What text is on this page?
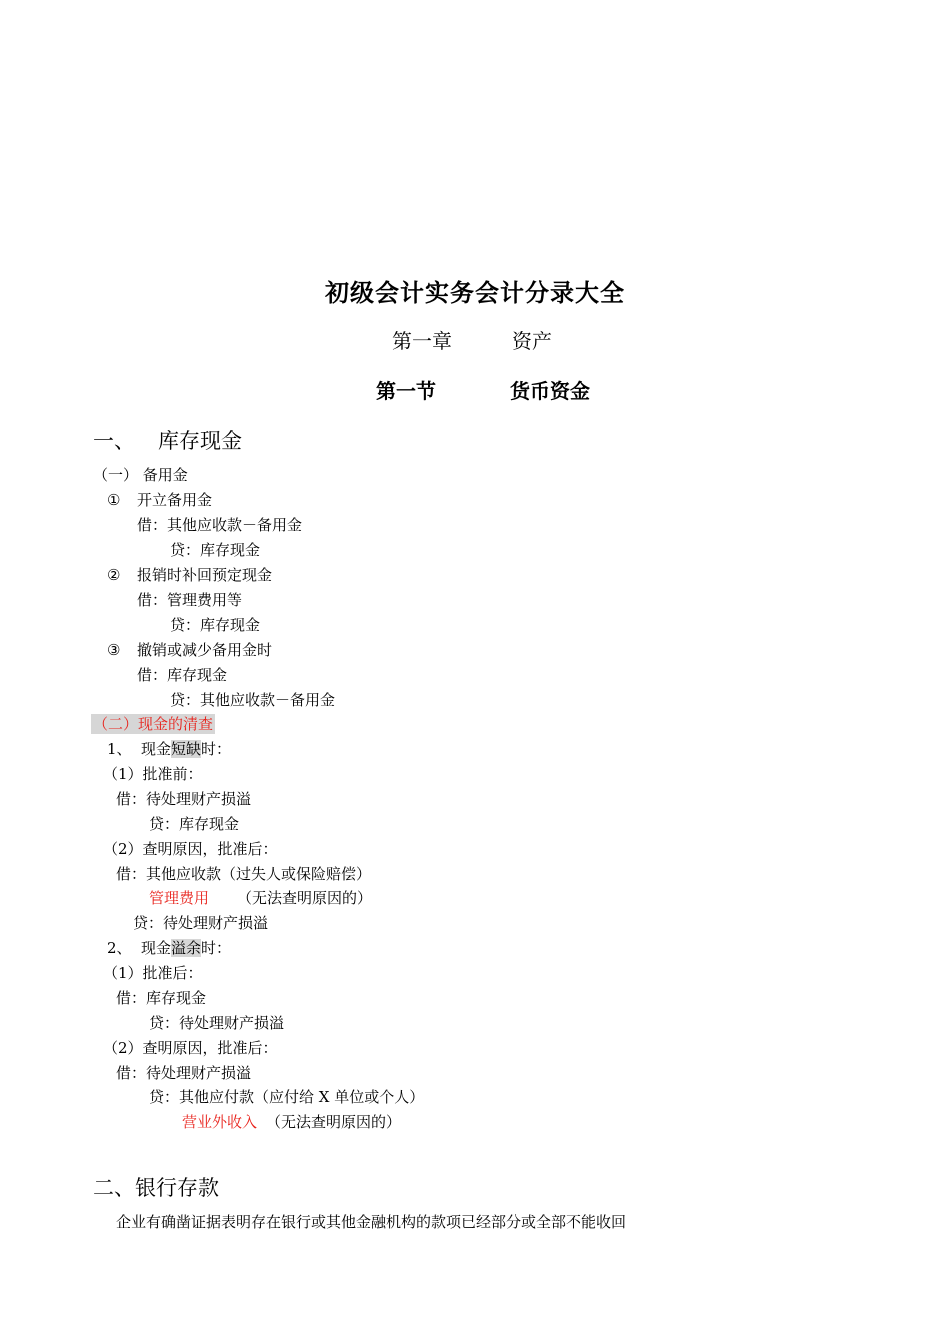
初级会计实务会计分录大全
第一章	资产
第一节	货币资金
一、 库存现金
（一） 备用金
① 开立备用金
借：其他应收款－备用金
贷：库存现金
② 报销时补回预定现金
借：管理费用等
贷：库存现金
③ 撤销或减少备用金时
借：库存现金
贷：其他应收款－备用金
（二）现金的清查
1、 现金短缺时：
（1）批准前：
借：待处理财产损溢
贷：库存现金
（2）查明原因，批准后：
借：其他应收款（过失人或保险赔偿）
管理费用 （无法查明原因的）
贷：待处理财产损溢
2、 现金溢余时：
（1）批准后：
借：库存现金
贷：待处理财产损溢
（2）查明原因，批准后：
借：待处理财产损溢
贷：其他应付款（应付给 X 单位或个人）
营业外收入 （无法查明原因的）
二、银行存款
企业有确凿证据表明存在银行或其他金融机构的款项已经部分或全部不能收回
